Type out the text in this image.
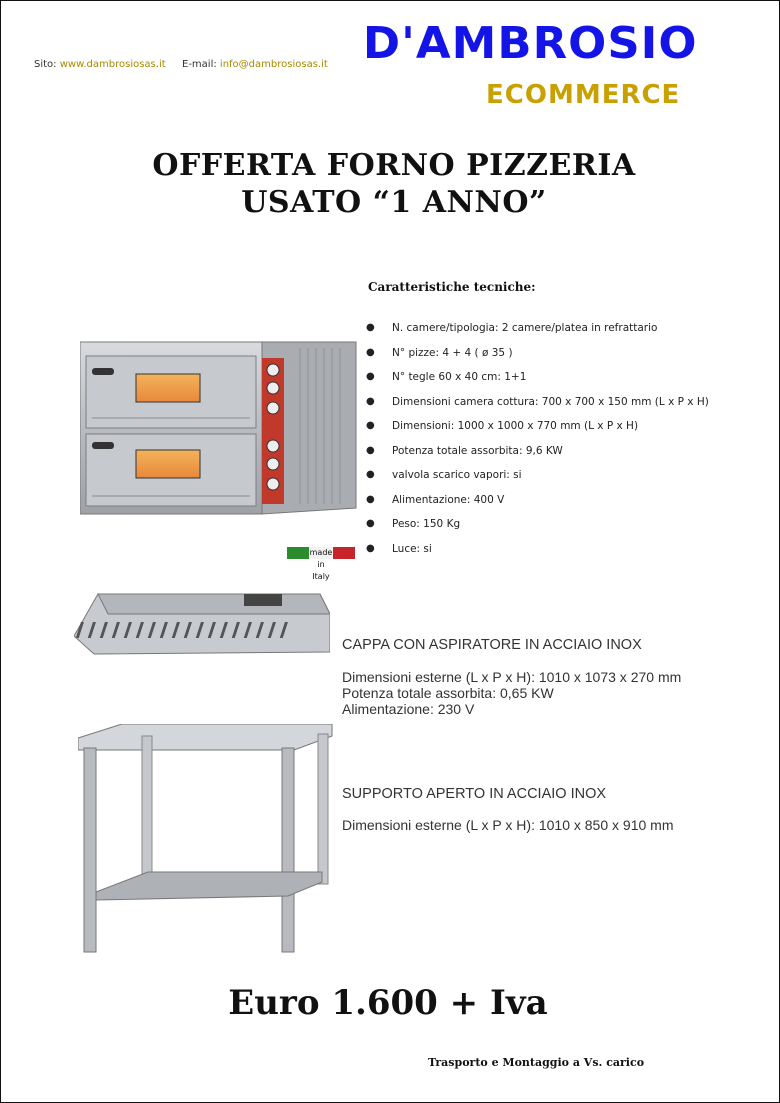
Sito: www.dambrosiosas.it E-mail: info@dambrosiosas.it D'AMBROSIO
ECOMMERCE
OFFERTA FORNO PIZZERIA
USATO “1 ANNO”
Caratteristiche tecniche:
●	N. camere/tipologia: 2 camere/platea in refrattario
●	N° pizze: 4 + 4 ( ø 35 )
●	N° tegle 60 x 40 cm: 1+1
●	Dimensioni camera cottura: 700 x 700 x 150 mm (L x P x H)
●	Dimensioni: 1000 x 1000 x 770 mm (L x P x H)
●	Potenza totale assorbita: 9,6 KW
●	valvola scarico vapori: si
●	Alimentazione: 400 V
●	Peso: 150 Kg
●	Luce: si
made in Italy
CAPPA CON ASPIRATORE IN ACCIAIO INOX
Dimensioni esterne (L x P x H): 1010 x 1073 x 270 mm
Potenza totale assorbita: 0,65 KW
Alimentazione: 230 V
SUPPORTO APERTO IN ACCIAIO INOX
Dimensioni esterne (L x P x H): 1010 x 850 x 910 mm
Euro 1.600 + Iva
Trasporto e Montaggio a Vs. carico
